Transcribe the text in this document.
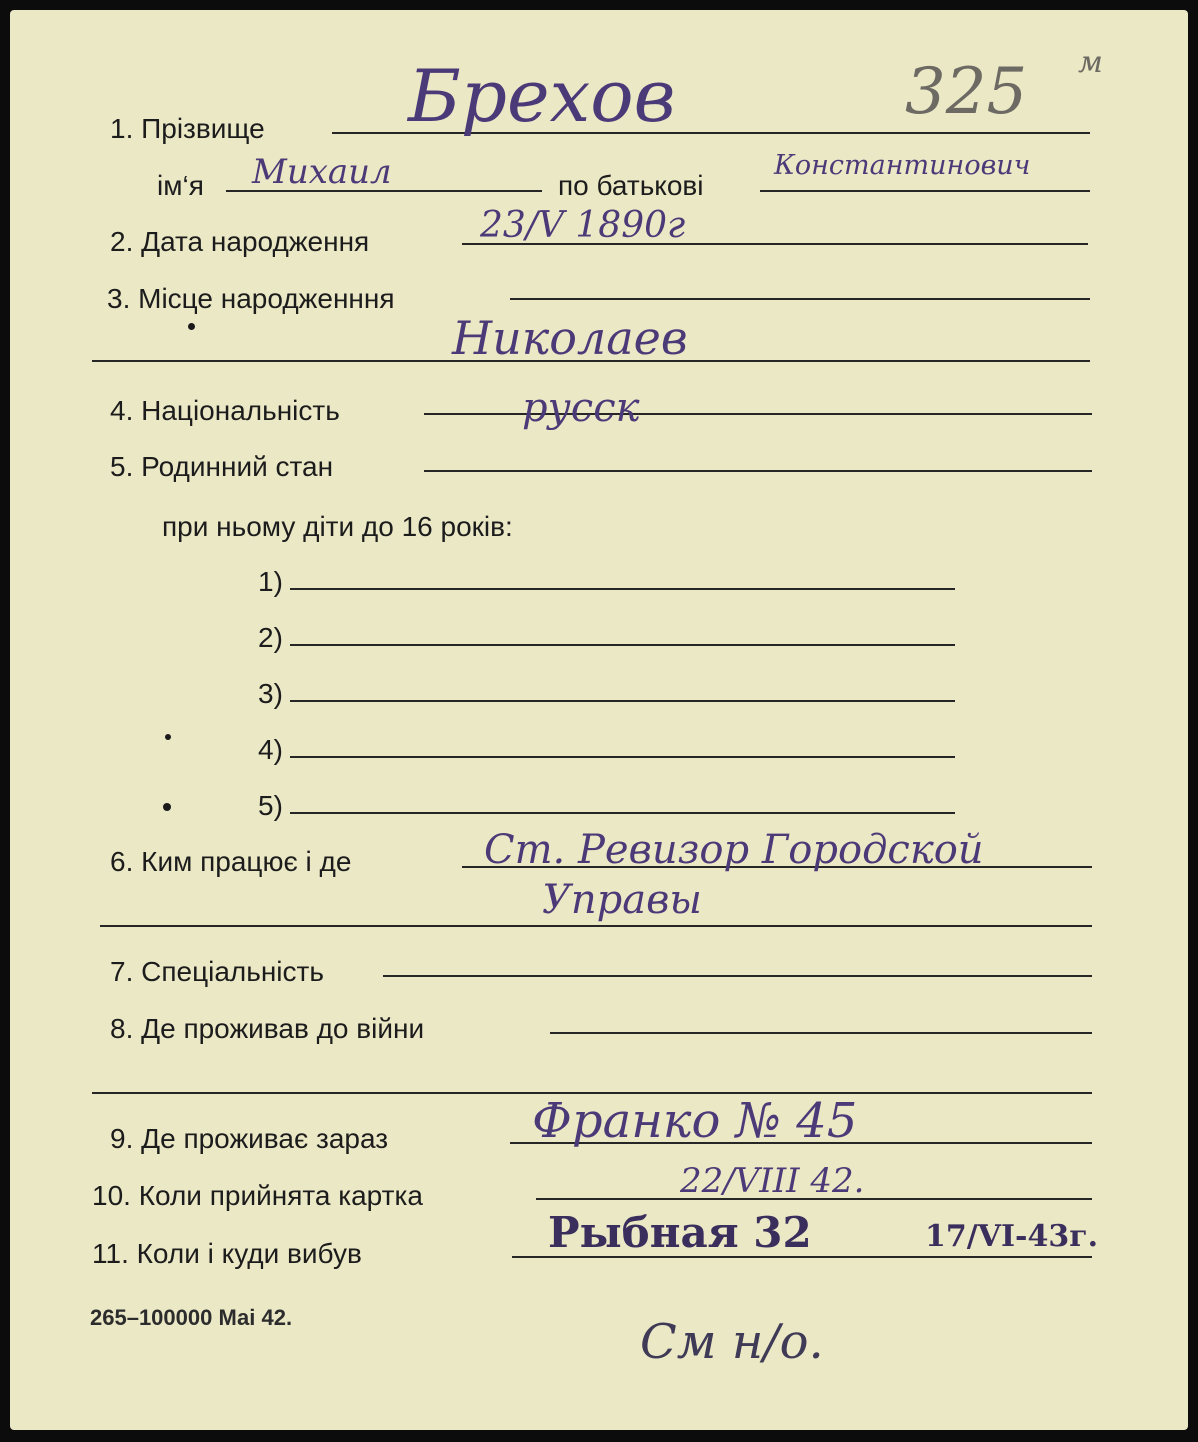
325 м
1. Прізвище Брехов
ім‘я Михаил	по батькові
Константинович
2. Дата народження	23/V 1890г
3. Місце народженння
Николаев
4. Національність	русск
5. Родинний стан
при ньому діти до 16 років:
1)
2)
3)
4)
5)
6. Ким працює і де	Ст. Ревизор Городской
Управы
7. Спеціальність
8. Де проживав до війни
9. Де проживає зараз	Франко № 45
10. Коли прийнята картка	22/VIII 42.
11. Коли і куди вибув	Рыбная 32	17/VI-43г.
265–100000 Маі 42.	См н/о.
